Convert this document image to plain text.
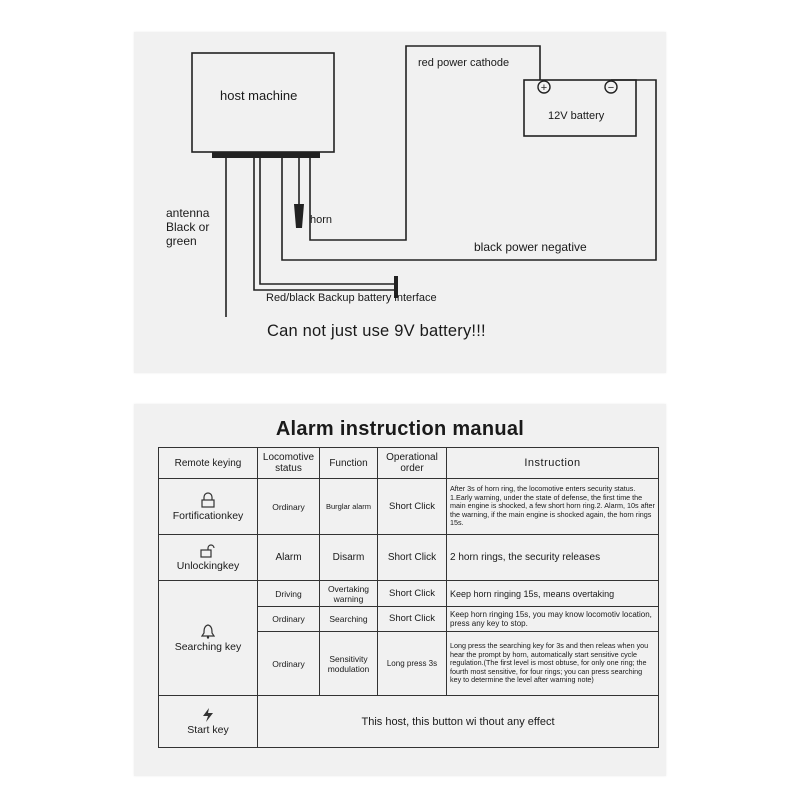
+	−
host machine
red power cathode
12V battery
antenna
Black or
green
horn
black power negative
Red/black Backup battery interface
Can not just use 9V battery!!!
Alarm instruction manual
Remote keying	Locomotive status	Function	Operational order	Instruction

Fortificationkey	Ordinary	Burglar alarm	Short Click	After 3s of horn ring, the locomotive enters security status. 1.Early warning, under the state of defense, the first time the main engine is shocked, a few short horn ring.2. Alarm, 10s after the warning, if the main engine is shocked again, the horn rings 15s.

Unlockingkey	Alarm	Disarm	Short Click	2 horn rings, the security releases

Searching key	Driving	Overtaking warning	Short Click	Keep horn ringing 15s, means overtaking
	Ordinary	Searching	Short Click	Keep horn ringing 15s, you may know locomotiv location, press any key to stop.
	Ordinary	Sensitivity modulation	Long press 3s	Long press the searching key for 3s and then releas when you hear the prompt by horn, automatically start sensitive cycle regulation.(The first level is most obtuse, for only one ring; the fourth most sensitive, for four rings; you can press searching key to determine the level after warning note)

Start key	This host, this button wi thout any effect			
